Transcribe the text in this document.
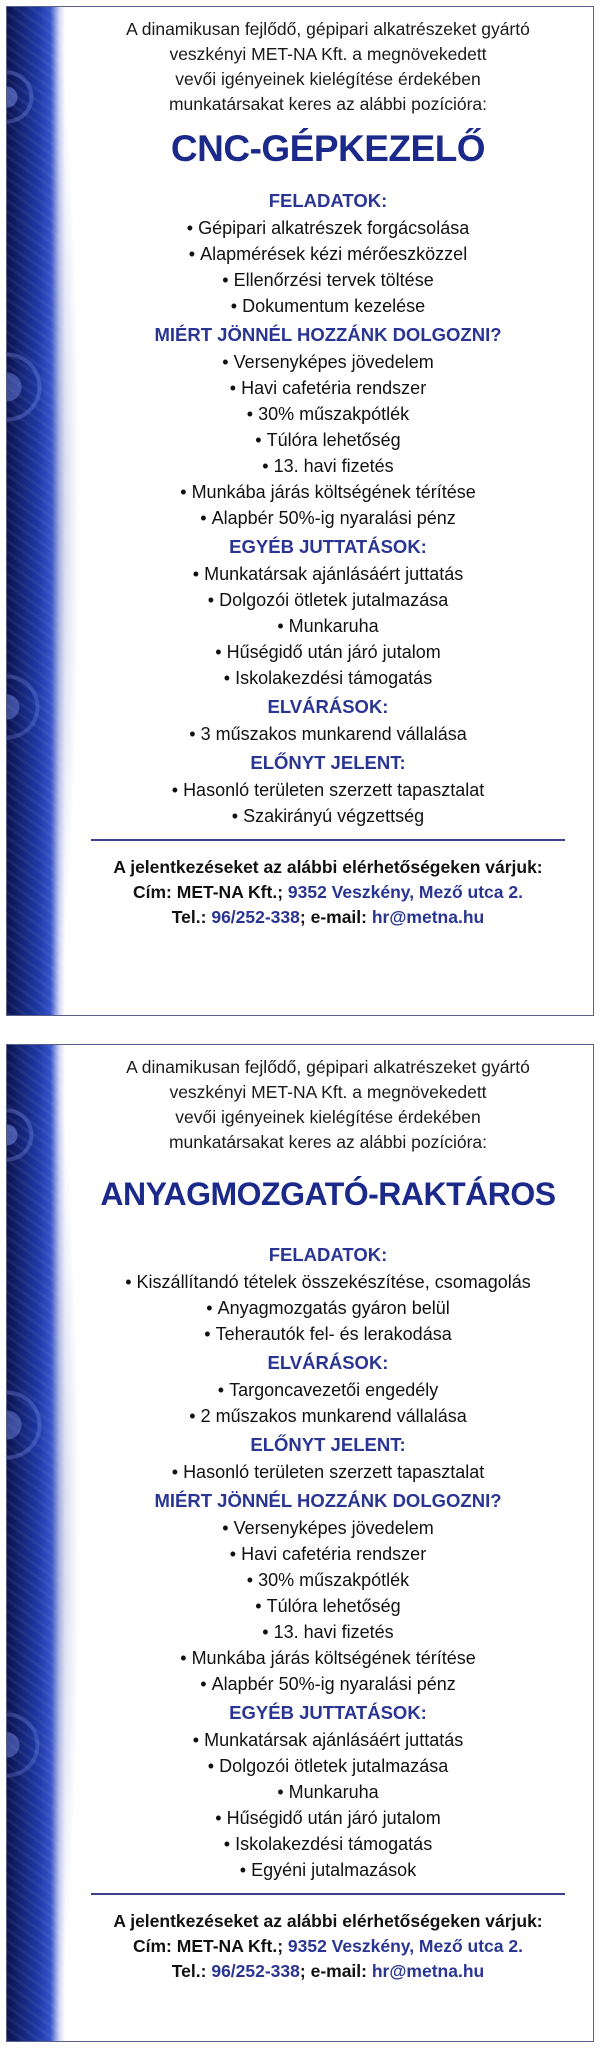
A dinamikusan fejlődő, gépipari alkatrészeket gyártó
veszkényi MET-NA Kft. a megnövekedett
vevői igényeinek kielégítése érdekében
munkatársakat keres az alábbi pozícióra:
CNC-GÉPKEZELŐ
FELADATOK:
• Gépipari alkatrészek forgácsolása
• Alapmérések kézi mérőeszközzel
• Ellenőrzési tervek töltése
• Dokumentum kezelése
MIÉRT JÖNNÉL HOZZÁNK DOLGOZNI?
• Versenyképes jövedelem
• Havi cafetéria rendszer
• 30% műszakpótlék
• Túlóra lehetőség
• 13. havi fizetés
• Munkába járás költségének térítése
• Alapbér 50%-ig nyaralási pénz
EGYÉB JUTTATÁSOK:
• Munkatársak ajánlásáért juttatás
• Dolgozói ötletek jutalmazása
• Munkaruha
• Hűségidő után járó jutalom
• Iskolakezdési támogatás
ELVÁRÁSOK:
• 3 műszakos munkarend vállalása
ELŐNYT JELENT:
• Hasonló területen szerzett tapasztalat
• Szakirányú végzettség
A jelentkezéseket az alábbi elérhetőségeken várjuk:
Cím: MET-NA Kft.; 9352 Veszkény, Mező utca 2.
Tel.: 96/252-338; e-mail: hr@metna.hu
A dinamikusan fejlődő, gépipari alkatrészeket gyártó
veszkényi MET-NA Kft. a megnövekedett
vevői igényeinek kielégítése érdekében
munkatársakat keres az alábbi pozícióra:
ANYAGMOZGATÓ-RAKTÁROS
FELADATOK:
• Kiszállítandó tételek összekészítése, csomagolás
• Anyagmozgatás gyáron belül
• Teherautók fel- és lerakodása
ELVÁRÁSOK:
• Targoncavezetői engedély
• 2 műszakos munkarend vállalása
ELŐNYT JELENT:
• Hasonló területen szerzett tapasztalat
MIÉRT JÖNNÉL HOZZÁNK DOLGOZNI?
• Versenyképes jövedelem
• Havi cafetéria rendszer
• 30% műszakpótlék
• Túlóra lehetőség
• 13. havi fizetés
• Munkába járás költségének térítése
• Alapbér 50%-ig nyaralási pénz
EGYÉB JUTTATÁSOK:
• Munkatársak ajánlásáért juttatás
• Dolgozói ötletek jutalmazása
• Munkaruha
• Hűségidő után járó jutalom
• Iskolakezdési támogatás
• Egyéni jutalmazások
A jelentkezéseket az alábbi elérhetőségeken várjuk:
Cím: MET-NA Kft.; 9352 Veszkény, Mező utca 2.
Tel.: 96/252-338; e-mail: hr@metna.hu
